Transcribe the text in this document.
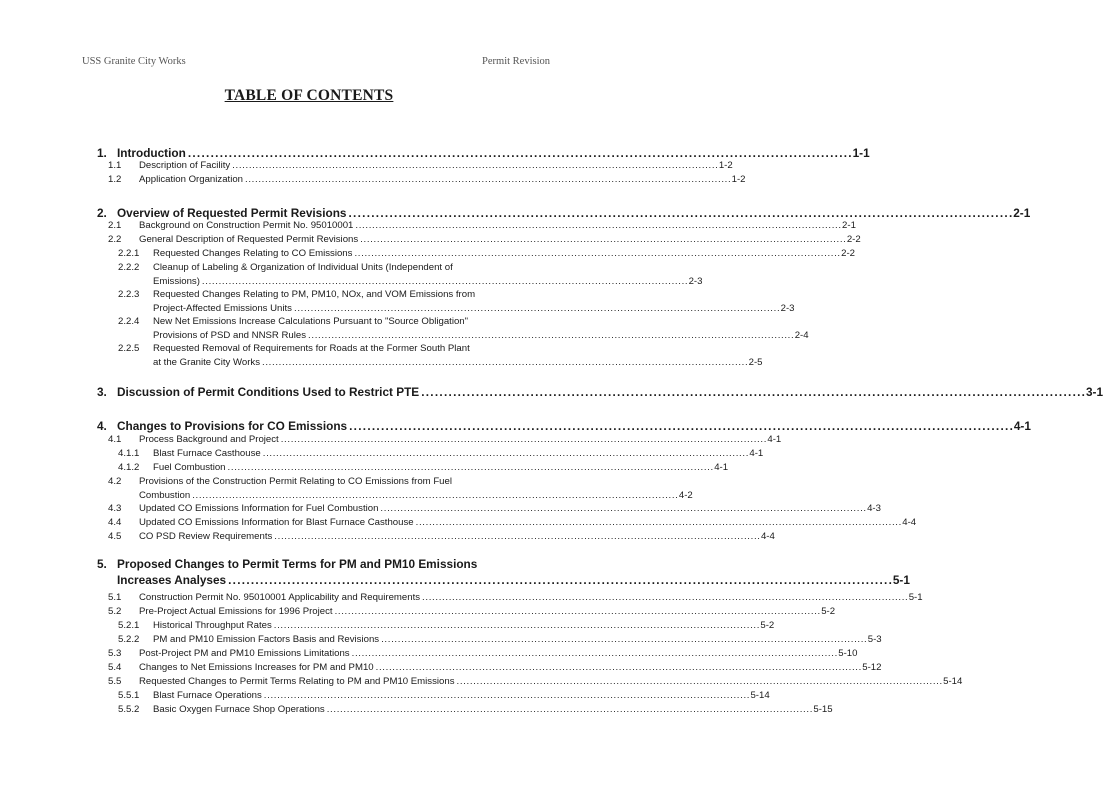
USS Granite City Works	Permit Revision
TABLE OF CONTENTS
1. Introduction . . .	1-1
1.1 Description of Facility . . .	1-2
1.2 Application Organization . . .	1-2
2. Overview of Requested Permit Revisions . . .	2-1
2.1 Background on Construction Permit No. 95010001 . . .	2-1
2.2 General Description of Requested Permit Revisions . . .	2-2
2.2.1 Requested Changes Relating to CO Emissions . . .	2-2
2.2.2 Cleanup of Labeling & Organization of Individual Units (Independent of
Emissions) . . .	2-3
2.2.3 Requested Changes Relating to PM, PM10, NOx, and VOM Emissions from
Project-Affected Emissions Units . . .	2-3
2.2.4 New Net Emissions Increase Calculations Pursuant to "Source Obligation"
Provisions of PSD and NNSR Rules . . .	2-4
2.2.5 Requested Removal of Requirements for Roads at the Former South Plant
at the Granite City Works . . .	2-5
3. Discussion of Permit Conditions Used to Restrict PTE . . .	3-1
4. Changes to Provisions for CO Emissions . . .	4-1
4.1 Process Background and Project . . .	4-1
4.1.1 Blast Furnace Casthouse . . .	4-1
4.1.2 Fuel Combustion . . .	4-1
4.2 Provisions of the Construction Permit Relating to CO Emissions from Fuel
Combustion . . .	4-2
4.3 Updated CO Emissions Information for Fuel Combustion . . .	4-3
4.4 Updated CO Emissions Information for Blast Furnace Casthouse . . .	4-4
4.5 CO PSD Review Requirements . . .	4-4
5. Proposed Changes to Permit Terms for PM and PM10 Emissions
Increases Analyses . . .	5-1
5.1 Construction Permit No. 95010001 Applicability and Requirements . . .	5-1
5.2 Pre-Project Actual Emissions for 1996 Project . . .	5-2
5.2.1 Historical Throughput Rates . . .	5-2
5.2.2 PM and PM10 Emission Factors Basis and Revisions . . .	5-3
5.3 Post-Project PM and PM10 Emissions Limitations . . .	5-10
5.4 Changes to Net Emissions Increases for PM and PM10 . . .	5-12
5.5 Requested Changes to Permit Terms Relating to PM and PM10 Emissions . . .	5-14
5.5.1 Blast Furnace Operations . . .	5-14
5.5.2 Basic Oxygen Furnace Shop Operations . . .	5-15
